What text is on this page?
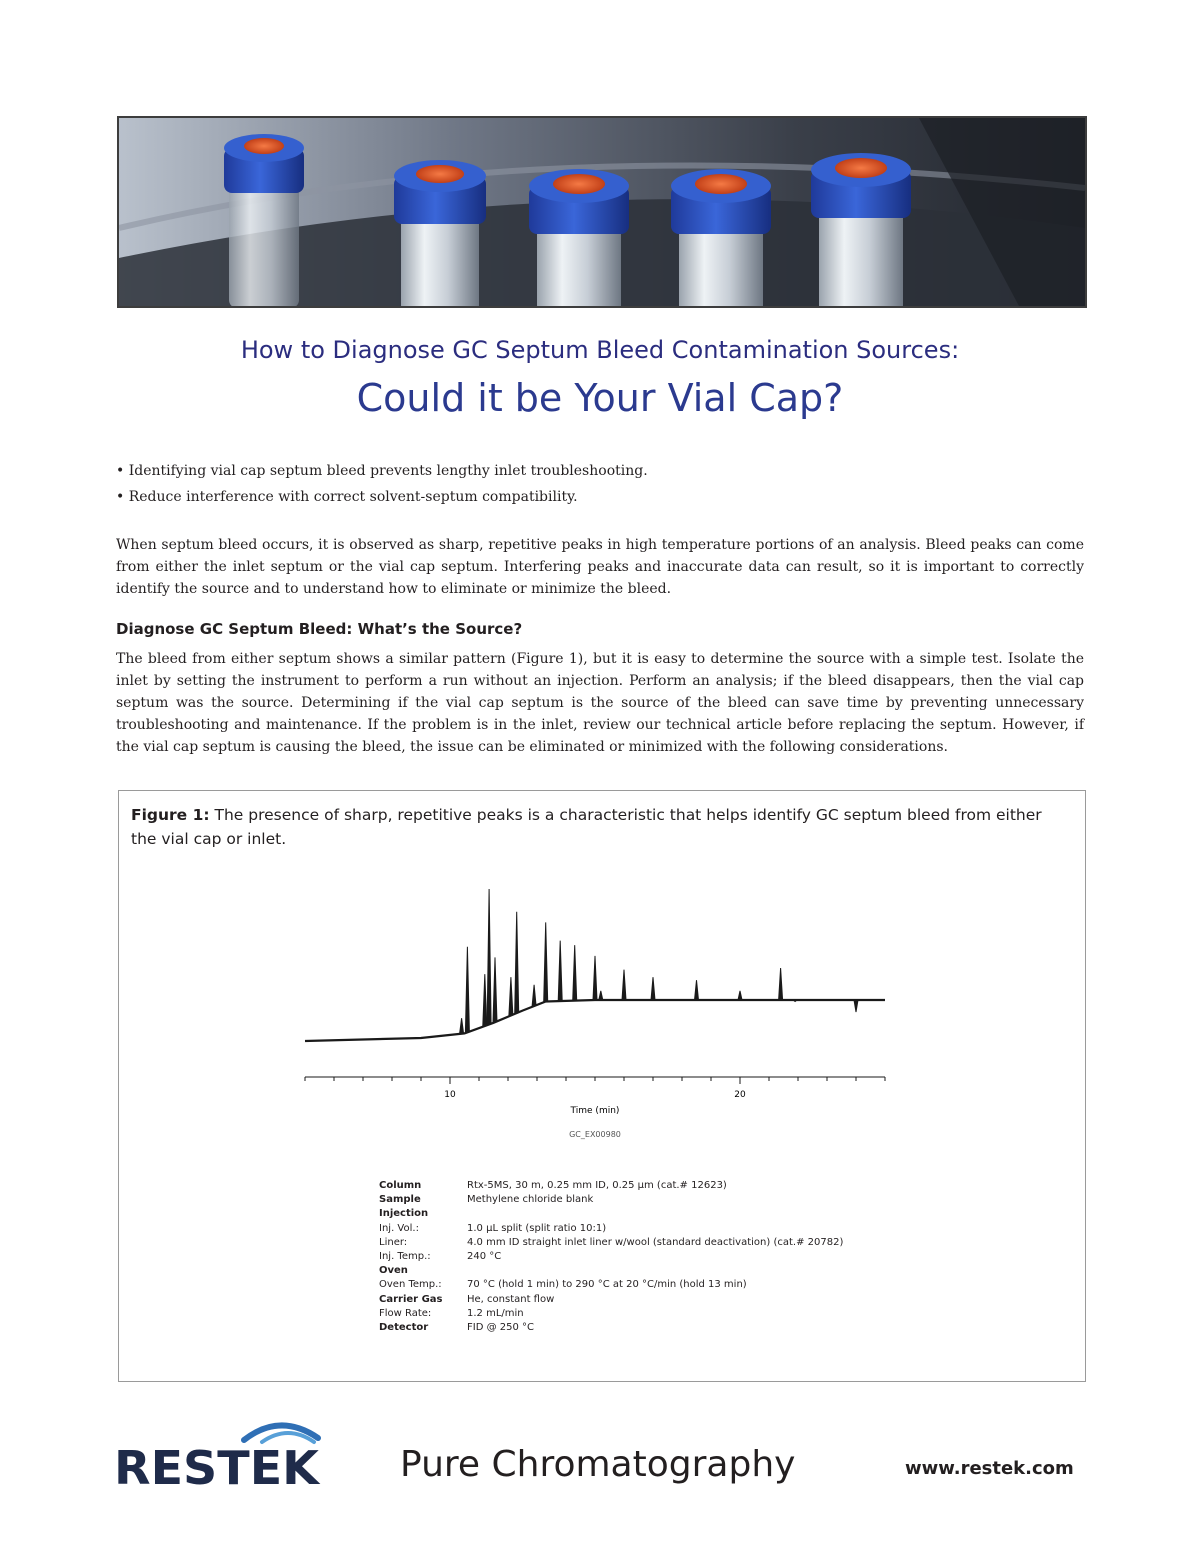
How to Diagnose GC Septum Bleed Contamination Sources:
Could it be Your Vial Cap?
• Identifying vial cap septum bleed prevents lengthy inlet troubleshooting.
• Reduce interference with correct solvent-septum compatibility.

When septum bleed occurs, it is observed as sharp, repetitive peaks in high temperature portions of an analysis. Bleed peaks can come from either the inlet septum or the vial cap septum. Interfering peaks and inaccurate data can result, so it is important to correctly identify the source and to understand how to eliminate or minimize the bleed.

Diagnose GC Septum Bleed: What’s the Source?

The bleed from either septum shows a similar pattern (Figure 1), but it is easy to determine the source with a simple test. Isolate the inlet by setting the instrument to perform a run without an injection. Perform an analysis; if the bleed disappears, then the vial cap septum was the source. Determining if the vial cap septum is the source of the bleed can save time by preventing unnecessary troubleshooting and maintenance. If the problem is in the inlet, review our technical article before replacing the septum. However, if the vial cap septum is causing the bleed, the issue can be eliminated or minimized with the following considerations.

Figure 1: The presence of sharp, repetitive peaks is a characteristic that helps identify GC septum bleed from either the vial cap or inlet.
10	20
Time (min)
GC_EX00980
Column	Rtx-5MS, 30 m, 0.25 mm ID, 0.25 µm (cat.# 12623)
Sample	Methylene chloride blank
Injection
Inj. Vol.:	1.0 µL split (split ratio 10:1)
Liner:	4.0 mm ID straight inlet liner w/wool (standard deactivation) (cat.# 20782)
Inj. Temp.:	240 °C
Oven
Oven Temp.:	70 °C (hold 1 min) to 290 °C at 20 °C/min (hold 13 min)
Carrier Gas	He, constant flow
Flow Rate:	1.2 mL/min
Detector	FID @ 250 °C
RESTEK Pure Chromatography	www.restek.com
